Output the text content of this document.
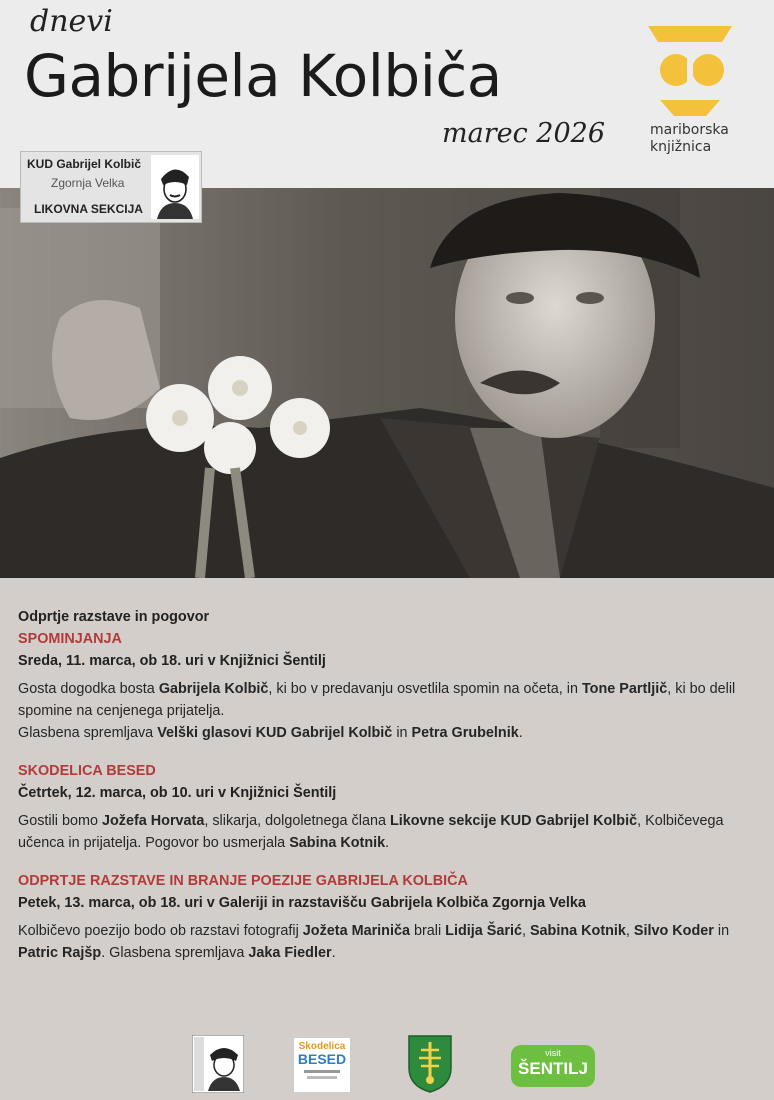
dnevi
Gabrijela Kolbiča
marec 2026	mariborska
knjižnica
KUD Gabrijel Kolbič
Zgornja Velka
LIKOVNA SEKCIJA

Odprtje razstave in pogovor

SPOMINJANJA

Sreda, 11. marca, ob 18. uri v Knjižnici Šentilj

Gosta dogodka bosta Gabrijela Kolbič, ki bo v predavanju osvetlila spomin na očeta, in Tone Partljič, ki bo delil spomine na cenjenega prijatelja.
Glasbena spremljava Velški glasovi KUD Gabrijel Kolbič in Petra Grubelnik.

SKODELICA BESED

Četrtek, 12. marca, ob 10. uri v Knjižnici Šentilj

Gostili bomo Jožefa Horvata, slikarja, dolgoletnega člana Likovne sekcije KUD Gabrijel Kolbič, Kolbičevega učenca in prijatelja. Pogovor bo usmerjala Sabina Kotnik.

ODPRTJE RAZSTAVE IN BRANJE POEZIJE GABRIJELA KOLBIČA

Petek, 13. marca, ob 18. uri v Galeriji in razstavišču Gabrijela Kolbiča Zgornja Velka

Kolbičevo poezijo bodo ob razstavi fotografij Jožeta Mariniča brali Lidija Šarić, Sabina Kotnik, Silvo Koder in Patric Rajšp. Glasbena spremljava Jaka Fiedler.

Skodelica
BESED	visit
ŠENTILJ
